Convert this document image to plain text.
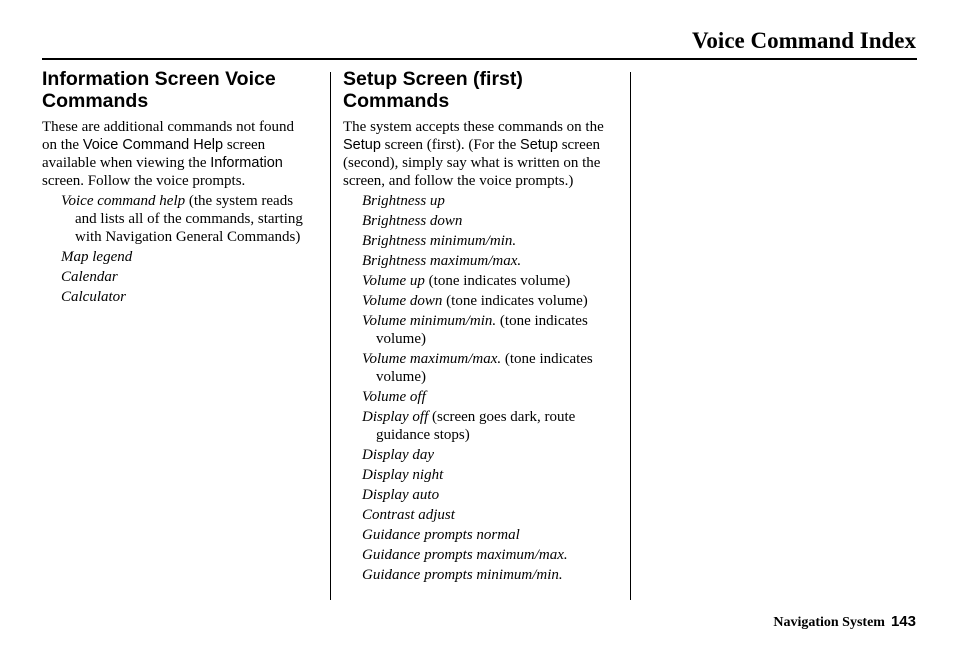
Voice Command Index
Information Screen Voice Commands

These are additional commands not found on the Voice Command Help screen available when viewing the Information screen. Follow the voice prompts.

Voice command help (the system reads and lists all of the commands, starting with Navigation General Commands)
Map legend
Calendar
Calculator
Setup Screen (first) Commands

The system accepts these commands on the Setup screen (first). (For the Setup screen (second), simply say what is written on the screen, and follow the voice prompts.)

Brightness up
Brightness down
Brightness minimum/min.
Brightness maximum/max.
Volume up (tone indicates volume)
Volume down (tone indicates volume)
Volume minimum/min. (tone indicates volume)
Volume maximum/max. (tone indicates volume)
Volume off
Display off (screen goes dark, route guidance stops)
Display day
Display night
Display auto
Contrast adjust
Guidance prompts normal
Guidance prompts maximum/max.
Guidance prompts minimum/min.
Navigation System 143
